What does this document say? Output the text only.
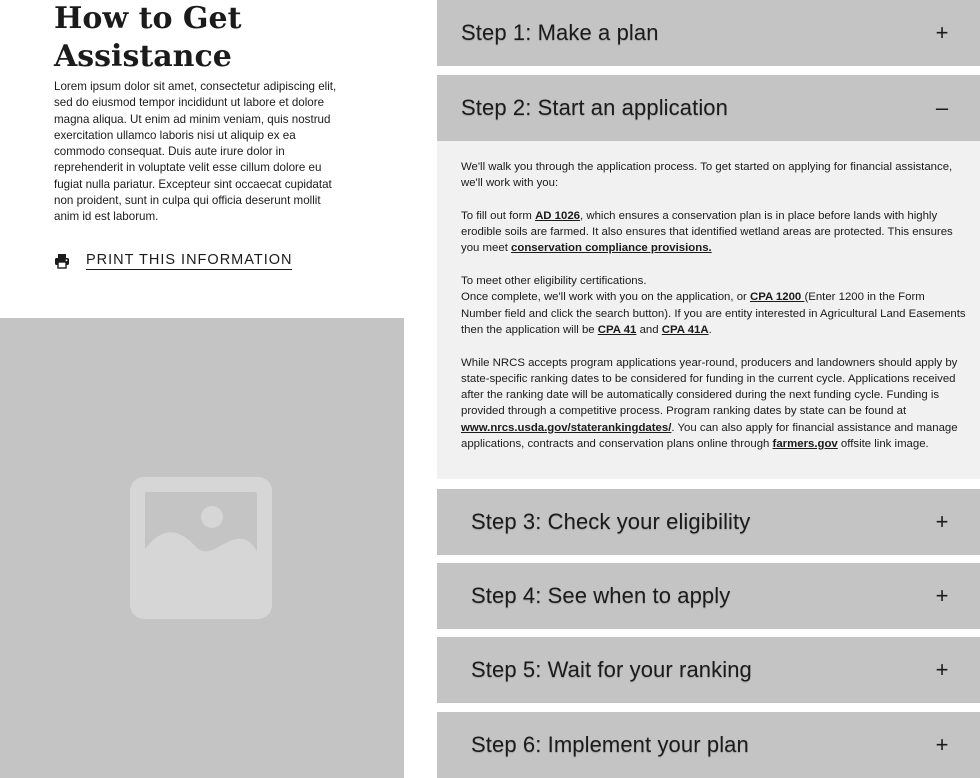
How to Get Assistance

Lorem ipsum dolor sit amet, consectetur adipiscing elit, sed do eiusmod tempor incididunt ut labore et dolore magna aliqua. Ut enim ad minim veniam, quis nostrud exercitation ullamco laboris nisi ut aliquip ex ea commodo consequat. Duis aute irure dolor in reprehenderit in voluptate velit esse cillum dolore eu fugiat nulla pariatur. Excepteur sint occaecat cupidatat non proident, sunt in culpa qui officia deserunt mollit anim id est laborum.

PRINT THIS INFORMATION
Step 1: Make a plan	+
Step 2: Start an application	–

We'll walk you through the application process. To get started on applying for financial assistance, we'll work with you:

To fill out form AD 1026, which ensures a conservation plan is in place before lands with highly erodible soils are farmed. It also ensures that identified wetland areas are protected. This ensures you meet conservation compliance provisions.

To meet other eligibility certifications.

Once complete, we'll work with you on the application, or CPA 1200 (Enter 1200 in the Form Number field and click the search button). If you are entity interested in Agricultural Land Easements then the application will be CPA 41 and CPA 41A.

While NRCS accepts program applications year-round, producers and landowners should apply by state-specific ranking dates to be considered for funding in the current cycle. Applications received after the ranking date will be automatically considered during the next funding cycle. Funding is provided through a competitive process. Program ranking dates by state can be found at www.nrcs.usda.gov/staterankingdates/. You can also apply for financial assistance and manage applications, contracts and conservation plans online through farmers.gov offsite link image.

Step 3: Check your eligibility	+
Step 4: See when to apply	+
Step 5: Wait for your ranking	+
Step 6: Implement your plan	+
